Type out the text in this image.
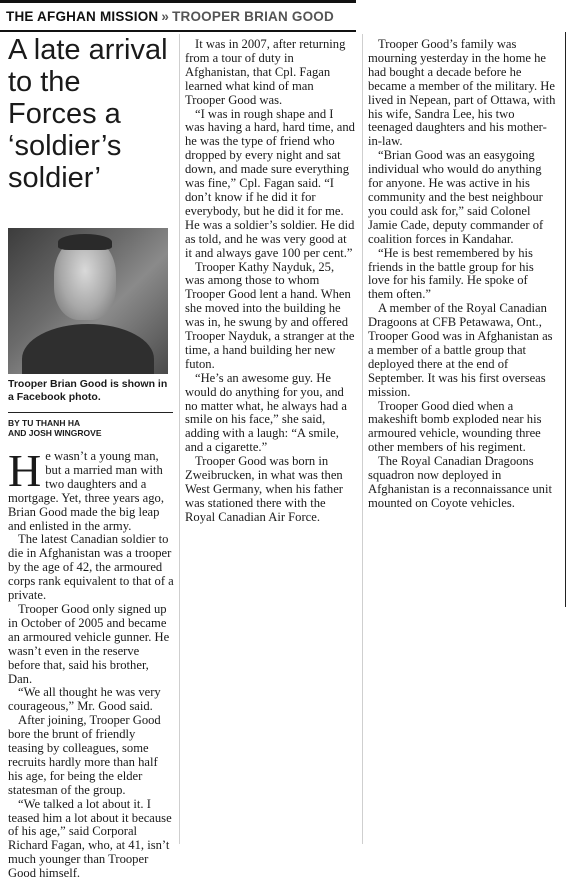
THE AFGHAN MISSION » TROOPER BRIAN GOOD
A late arrival to the Forces a ‘soldier’s soldier’

Trooper Brian Good is shown in a Facebook photo.

BY TU THANH HA
AND JOSH WINGROVE

He wasn’t a young man, but a married man with two daughters and a mortgage. Yet, three years ago, Brian Good made the big leap and enlisted in the army.

The latest Canadian soldier to die in Afghanistan was a trooper by the age of 42, the armoured corps rank equivalent to that of a private.

Trooper Good only signed up in October of 2005 and became an armoured vehicle gunner. He wasn’t even in the reserve before that, said his brother, Dan.

“We all thought he was very courageous,” Mr. Good said.

After joining, Trooper Good bore the brunt of friendly teasing by colleagues, some recruits hardly more than half his age, for being the elder statesman of the group.

“We talked a lot about it. I teased him a lot about it because of his age,” said Corporal Richard Fagan, who, at 41, isn’t much younger than Trooper Good himself.

It was in 2007, after returning from a tour of duty in Afghanistan, that Cpl. Fagan learned what kind of man Trooper Good was.

“I was in rough shape and I was having a hard, hard time, and he was the type of friend who dropped by every night and sat down, and made sure everything was fine,” Cpl. Fagan said. “I don’t know if he did it for everybody, but he did it for me. He was a soldier’s soldier. He did as told, and he was very good at it and always gave 100 per cent.”

Trooper Kathy Nayduk, 25, was among those to whom Trooper Good lent a hand. When she moved into the building he was in, he swung by and offered Trooper Nayduk, a stranger at the time, a hand building her new futon.

“He’s an awesome guy. He would do anything for you, and no matter what, he always had a smile on his face,” she said, adding with a laugh: “A smile, and a cigarette.”

Trooper Good was born in Zweibrucken, in what was then West Germany, when his father was stationed there with the Royal Canadian Air Force.

Trooper Good’s family was mourning yesterday in the home he had bought a decade before he became a member of the military. He lived in Nepean, part of Ottawa, with his wife, Sandra Lee, his two teenaged daughters and his mother-in-law.

“Brian Good was an easygoing individual who would do anything for anyone. He was active in his community and the best neighbour you could ask for,” said Colonel Jamie Cade, deputy commander of coalition forces in Kandahar.

“He is best remembered by his friends in the battle group for his love for his family. He spoke of them often.”

A member of the Royal Canadian Dragoons at CFB Petawawa, Ont., Trooper Good was in Afghanistan as a member of a battle group that deployed there at the end of September. It was his first overseas mission.

Trooper Good died when a makeshift bomb exploded near his armoured vehicle, wounding three other members of his regiment.

The Royal Canadian Dragoons squadron now deployed in Afghanistan is a reconnaissance unit mounted on Coyote vehicles.
